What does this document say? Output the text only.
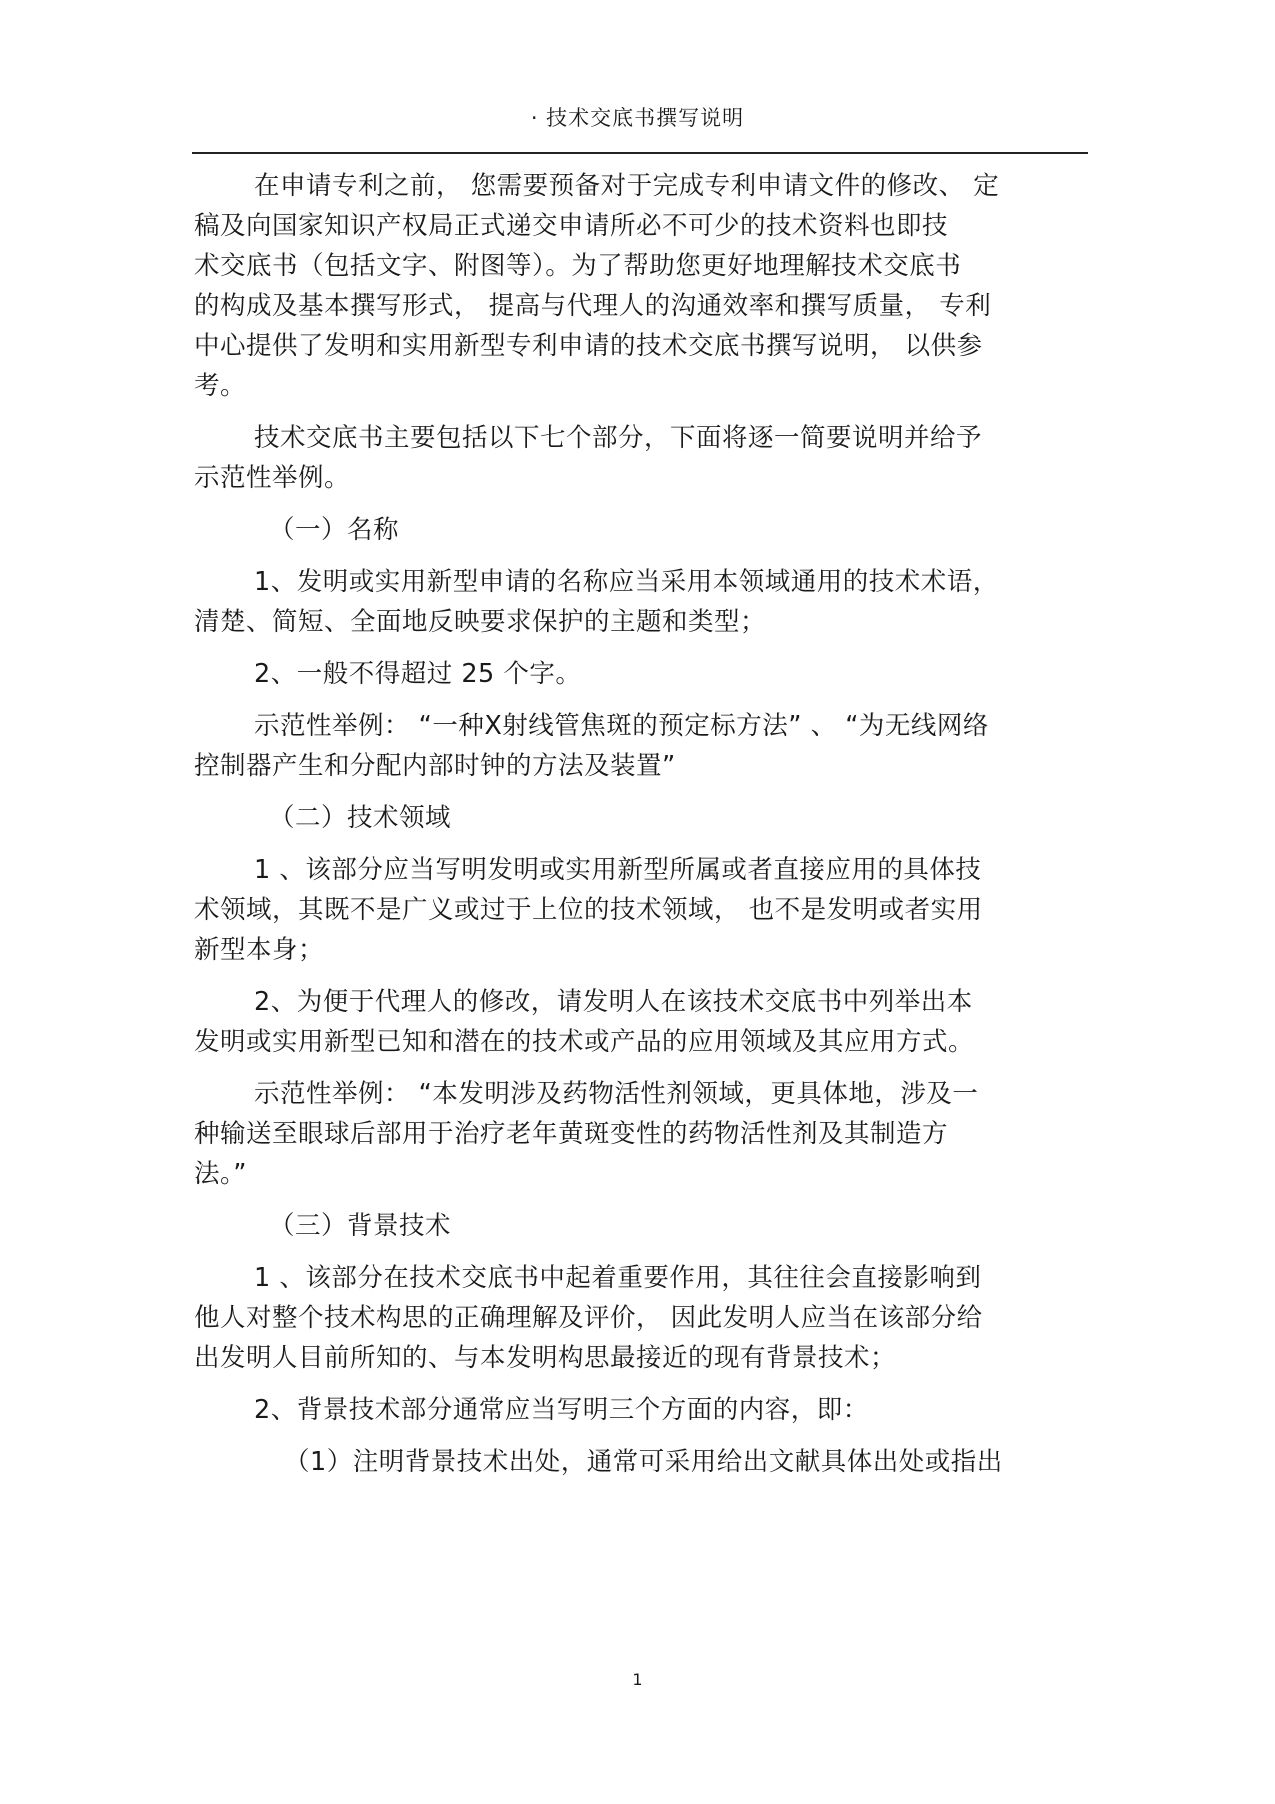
· 技术交底书撰写说明
在申请专利之前， 您需要预备对于完成专利申请文件的修改、 定
稿及向国家知识产权局正式递交申请所必不可少的技术资料也即技
术交底书（包括文字、附图等）。为了帮助您更好地理解技术交底书
的构成及基本撰写形式， 提高与代理人的沟通效率和撰写质量， 专利
中心提供了发明和实用新型专利申请的技术交底书撰写说明， 以供参
考。
技术交底书主要包括以下七个部分，下面将逐一简要说明并给予
示范性举例。
（一）名称
1、发明或实用新型申请的名称应当采用本领域通用的技术术语，
清楚、简短、全面地反映要求保护的主题和类型；
2、一般不得超过 25 个字。
示范性举例： “一种X射线管焦斑的预定标方法” 、 “为无线网络
控制器产生和分配内部时钟的方法及装置”
（二）技术领域
1 、该部分应当写明发明或实用新型所属或者直接应用的具体技
术领域，其既不是广义或过于上位的技术领域， 也不是发明或者实用
新型本身；
2、为便于代理人的修改，请发明人在该技术交底书中列举出本
发明或实用新型已知和潜在的技术或产品的应用领域及其应用方式。
示范性举例： “本发明涉及药物活性剂领域，更具体地，涉及一
种输送至眼球后部用于治疗老年黄斑变性的药物活性剂及其制造方
法。”
（三）背景技术
1 、该部分在技术交底书中起着重要作用，其往往会直接影响到
他人对整个技术构思的正确理解及评价， 因此发明人应当在该部分给
出发明人目前所知的、与本发明构思最接近的现有背景技术；
2、背景技术部分通常应当写明三个方面的内容，即：
（1）注明背景技术出处，通常可采用给出文献具体出处或指出
1
